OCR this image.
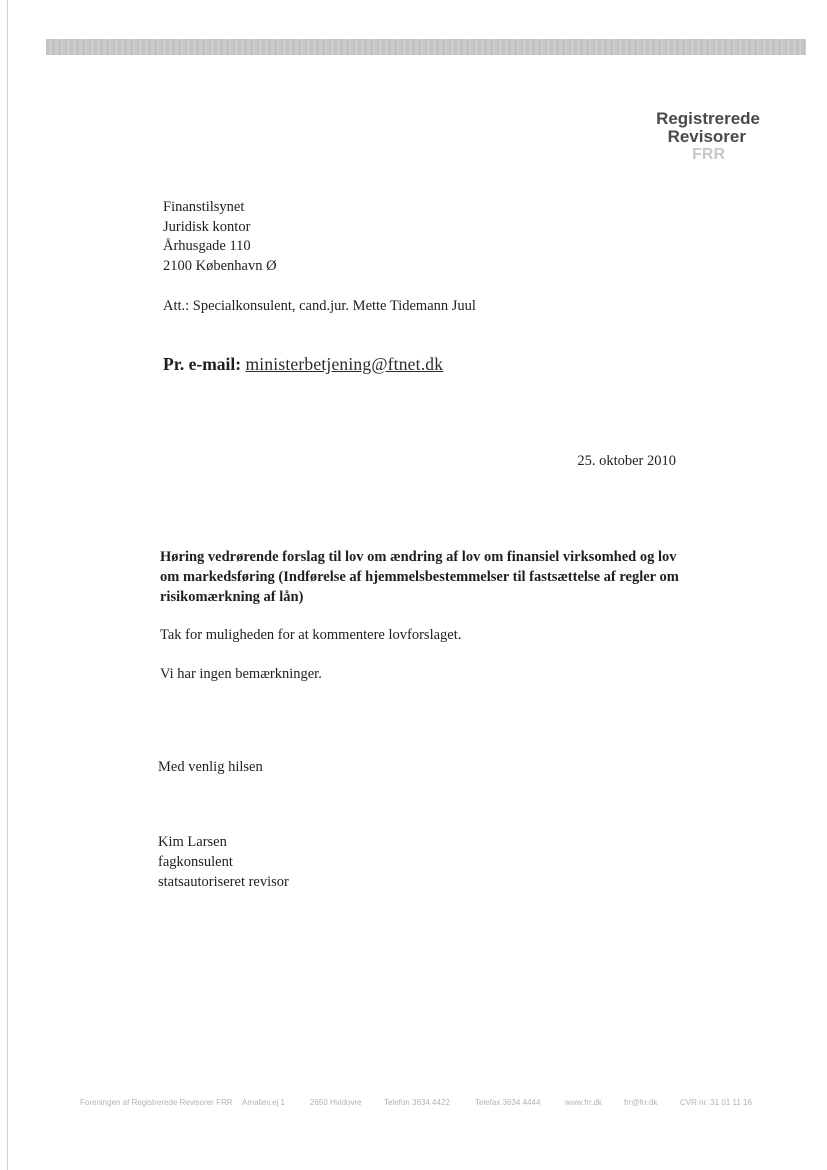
Registrerede
Revisorer
FRR
Finanstilsynet
Juridisk kontor
Århusgade 110
2100 København Ø
Att.: Specialkonsulent, cand.jur. Mette Tidemann Juul
Pr. e-mail: ministerbetjening@ftnet.dk
25. oktober 2010
Høring vedrørende forslag til lov om ændring af lov om finansiel virksomhed og lov om markedsføring (Indførelse af hjemmelsbestemmelser til fastsættelse af regler om risikomærkning af lån)
Tak for muligheden for at kommentere lovforslaget.
Vi har ingen bemærkninger.
Med venlig hilsen
Kim Larsen
fagkonsulent
statsautoriseret revisor
Foreningen af Registrerede Revisorer FRR Amaliev.ej 1	2650 Hvidovre	Telefon 3634 4422	Telefax 3634 4444	www.frr.dk	frr@frr.dk	CVR nr. 31 01 11 16
